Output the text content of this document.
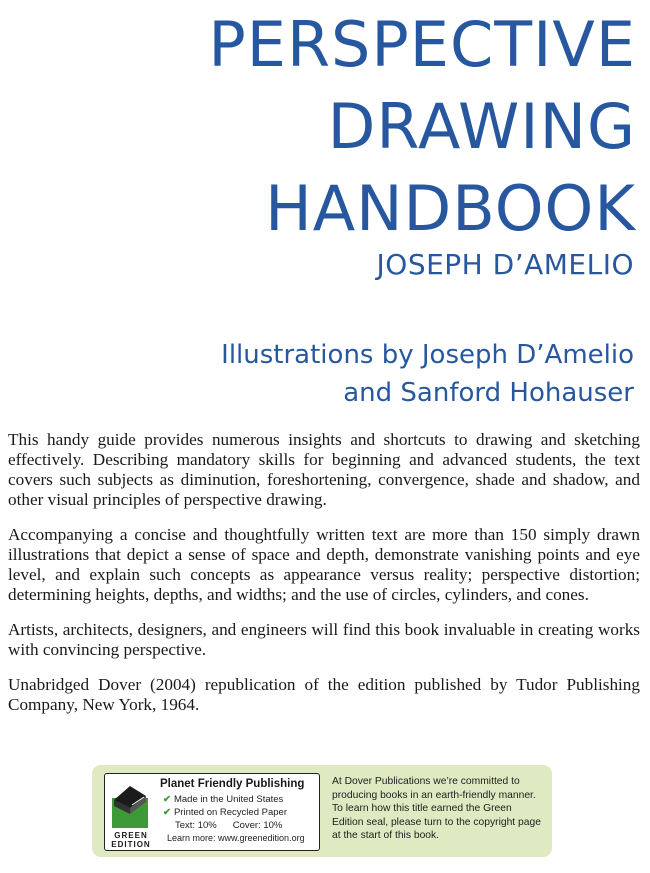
PERSPECTIVE
DRAWING
HANDBOOK
JOSEPH D’AMELIO
Illustrations by Joseph D’Amelio
and Sanford Hohauser

This handy guide provides numerous insights and shortcuts to drawing and sketching effectively. Describing mandatory skills for beginning and advanced students, the text covers such subjects as diminution, foreshortening, convergence, shade and shadow, and other visual principles of perspective drawing.

Accompanying a concise and thoughtfully written text are more than 150 simply drawn illustrations that depict a sense of space and depth, demonstrate vanishing points and eye level, and explain such concepts as appearance versus reality; perspective distortion; determining heights, depths, and widths; and the use of circles, cylinders, and cones.

Artists, architects, designers, and engineers will find this book invaluable in creating works with convincing perspective.

Unabridged Dover (2004) republication of the edition published by Tudor Publishing Company, New York, 1964.

GREEN
EDITION
Planet Friendly Publishing
✔ Made in the United States
✔ Printed on Recycled Paper
Text: 10% Cover: 10%
Learn more: www.greenedition.org
At Dover Publications we’re committed to producing books in an earth-friendly manner. To learn how this title earned the Green Edition seal, please turn to the copyright page at the start of this book.
